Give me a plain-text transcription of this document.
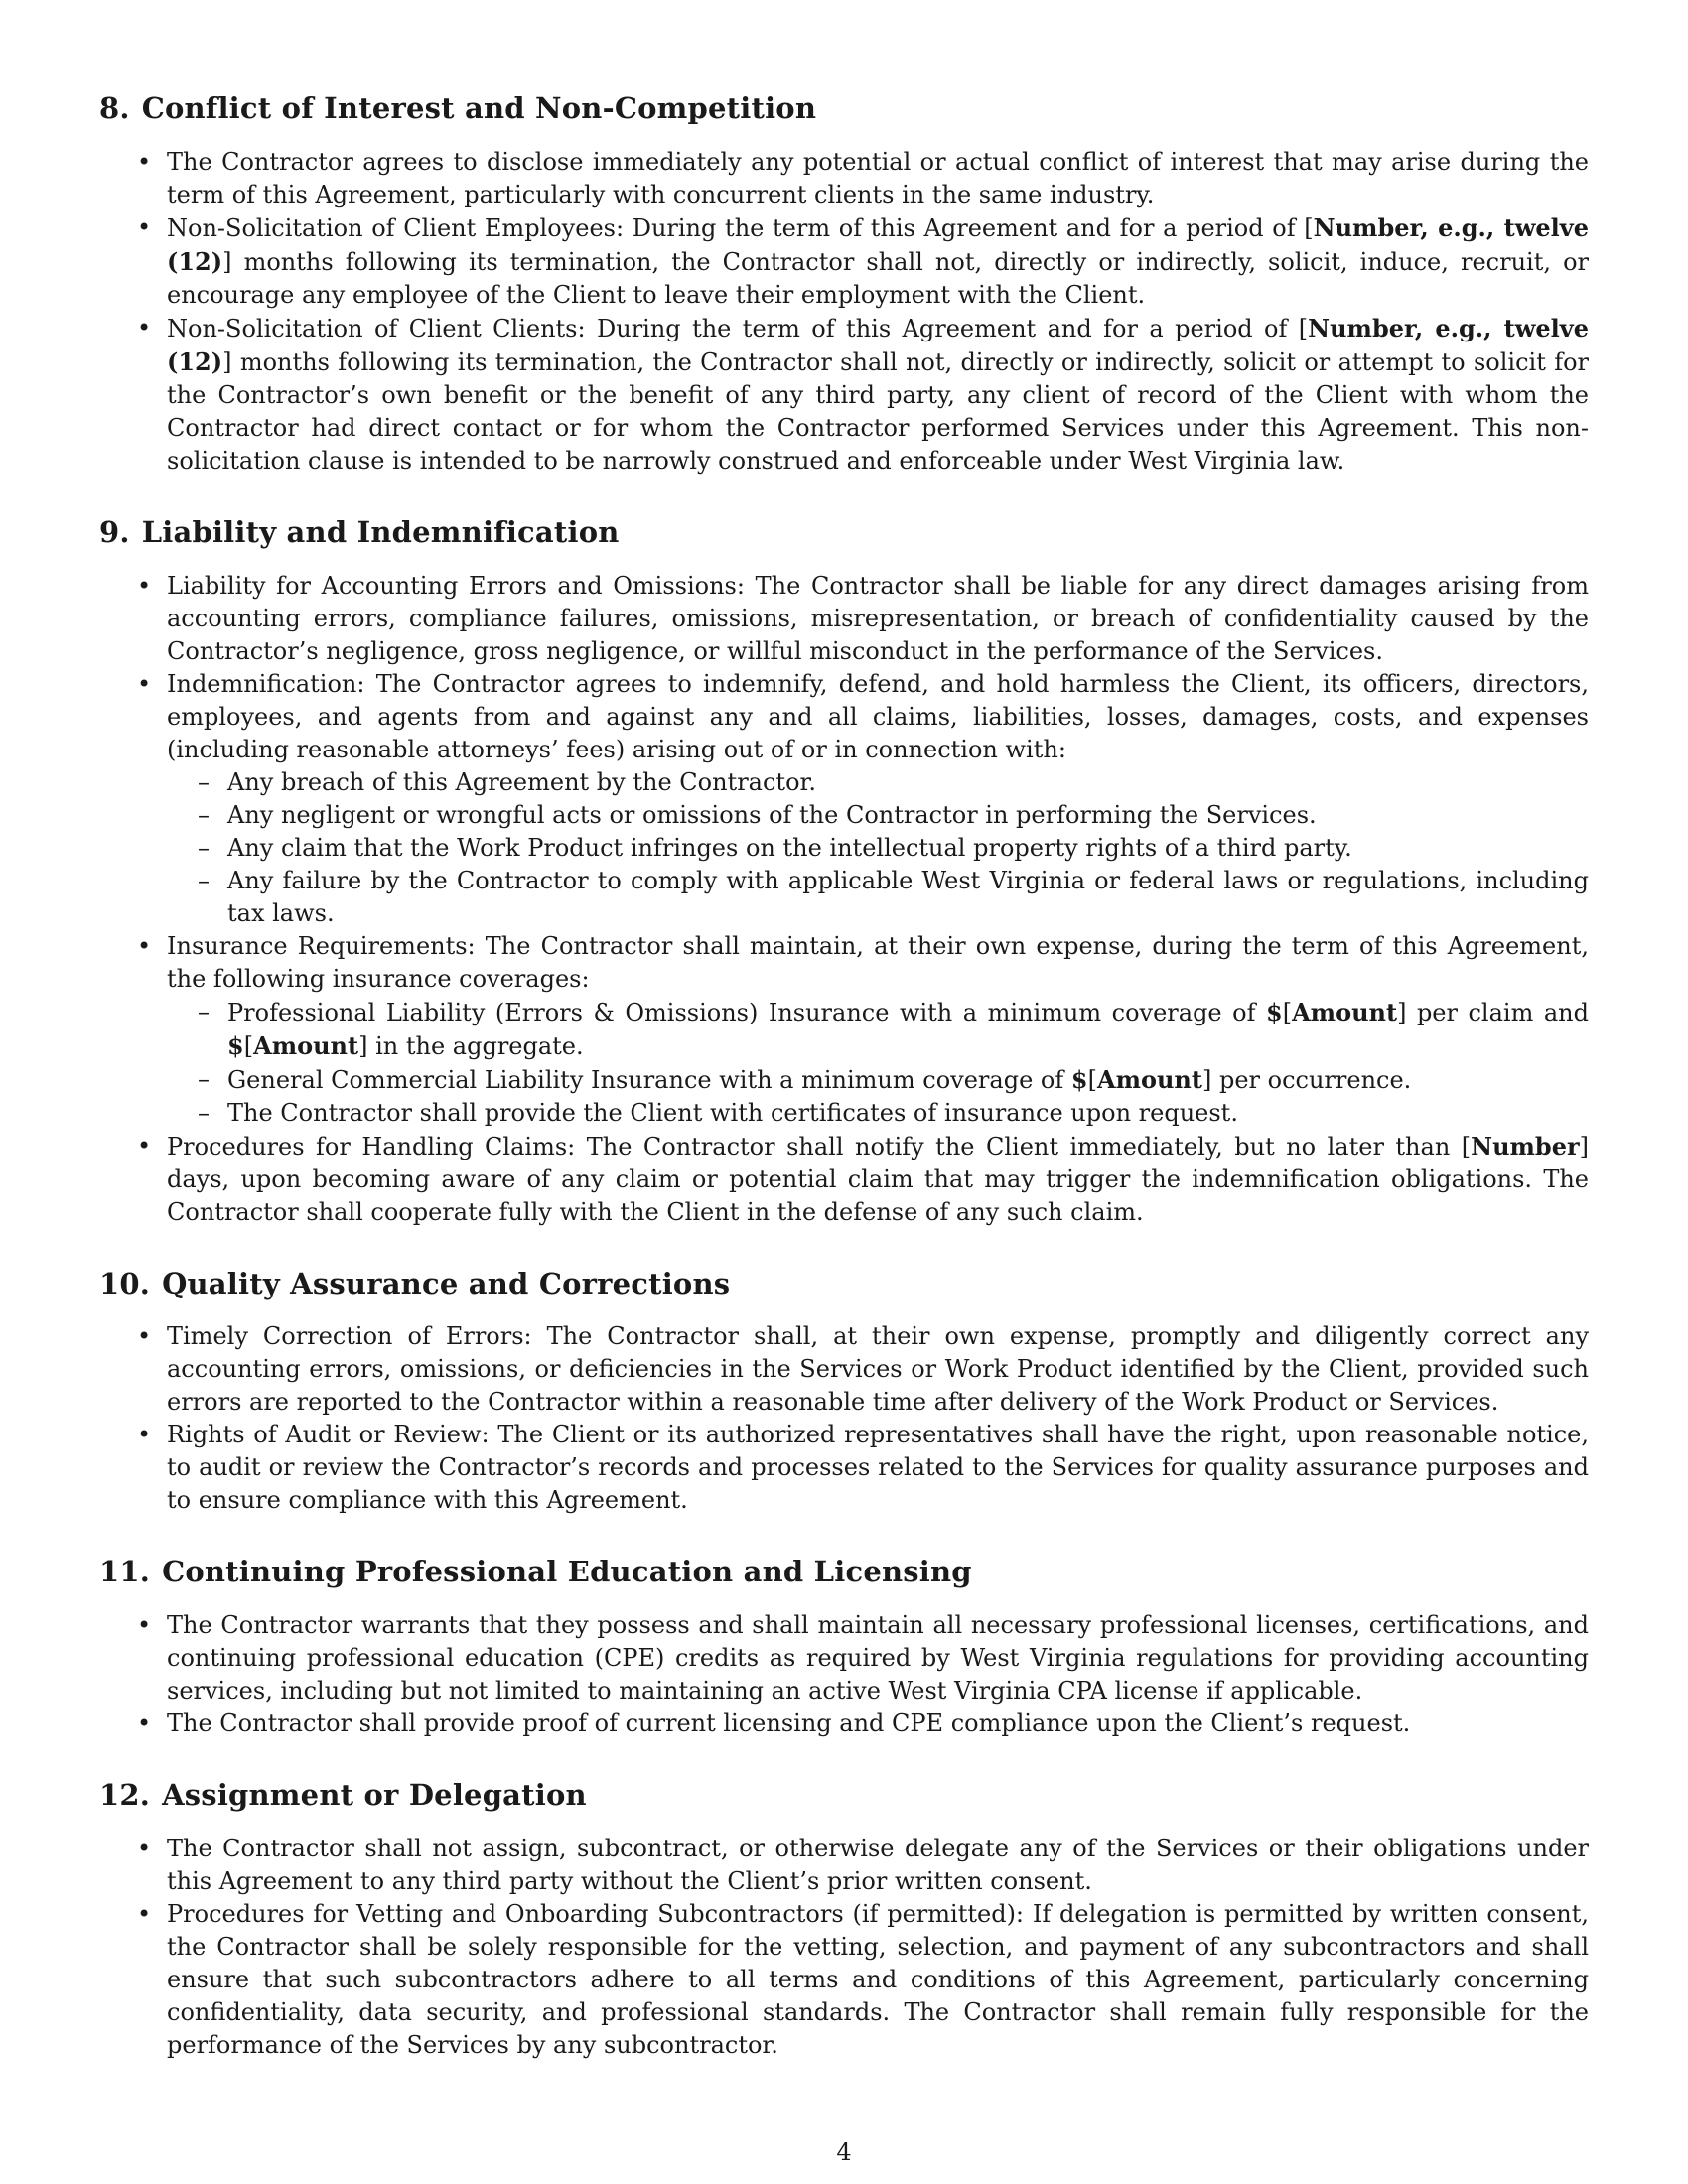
8. Conflict of Interest and Non-Competition
• The Contractor agrees to disclose immediately any potential or actual conflict of interest that may arise during the term of this Agreement, particularly with concurrent clients in the same industry.
• Non-Solicitation of Client Employees: During the term of this Agreement and for a period of [Number, e.g., twelve (12)] months following its termination, the Contractor shall not, directly or indirectly, solicit, induce, recruit, or encourage any employee of the Client to leave their employment with the Client.
• Non-Solicitation of Client Clients: During the term of this Agreement and for a period of [Number, e.g., twelve (12)] months following its termination, the Contractor shall not, directly or indirectly, solicit or attempt to solicit for the Contractor’s own benefit or the benefit of any third party, any client of record of the Client with whom the Contractor had direct contact or for whom the Contractor performed Services under this Agreement. This non-solicitation clause is intended to be narrowly construed and enforceable under West Virginia law.
9. Liability and Indemnification
• Liability for Accounting Errors and Omissions: The Contractor shall be liable for any direct damages arising from accounting errors, compliance failures, omissions, misrepresentation, or breach of confidentiality caused by the Contractor’s negligence, gross negligence, or willful misconduct in the performance of the Services.
• Indemnification: The Contractor agrees to indemnify, defend, and hold harmless the Client, its officers, directors, employees, and agents from and against any and all claims, liabilities, losses, damages, costs, and expenses (including reasonable attorneys’ fees) arising out of or in connection with:
– Any breach of this Agreement by the Contractor.
– Any negligent or wrongful acts or omissions of the Contractor in performing the Services.
– Any claim that the Work Product infringes on the intellectual property rights of a third party.
– Any failure by the Contractor to comply with applicable West Virginia or federal laws or regulations, including tax laws.
• Insurance Requirements: The Contractor shall maintain, at their own expense, during the term of this Agreement, the following insurance coverages:
– Professional Liability (Errors & Omissions) Insurance with a minimum coverage of $[Amount] per claim and $[Amount] in the aggregate.
– General Commercial Liability Insurance with a minimum coverage of $[Amount] per occurrence.
– The Contractor shall provide the Client with certificates of insurance upon request.
• Procedures for Handling Claims: The Contractor shall notify the Client immediately, but no later than [Number] days, upon becoming aware of any claim or potential claim that may trigger the indemnification obligations. The Contractor shall cooperate fully with the Client in the defense of any such claim.
10. Quality Assurance and Corrections
• Timely Correction of Errors: The Contractor shall, at their own expense, promptly and diligently correct any accounting errors, omissions, or deficiencies in the Services or Work Product identified by the Client, provided such errors are reported to the Contractor within a reasonable time after delivery of the Work Product or Services.
• Rights of Audit or Review: The Client or its authorized representatives shall have the right, upon reasonable notice, to audit or review the Contractor’s records and processes related to the Services for quality assurance purposes and to ensure compliance with this Agreement.
11. Continuing Professional Education and Licensing
• The Contractor warrants that they possess and shall maintain all necessary professional licenses, certifications, and continuing professional education (CPE) credits as required by West Virginia regulations for providing accounting services, including but not limited to maintaining an active West Virginia CPA license if applicable.
• The Contractor shall provide proof of current licensing and CPE compliance upon the Client’s request.
12. Assignment or Delegation
• The Contractor shall not assign, subcontract, or otherwise delegate any of the Services or their obligations under this Agreement to any third party without the Client’s prior written consent.
• Procedures for Vetting and Onboarding Subcontractors (if permitted): If delegation is permitted by written consent, the Contractor shall be solely responsible for the vetting, selection, and payment of any subcontractors and shall ensure that such subcontractors adhere to all terms and conditions of this Agreement, particularly concerning confidentiality, data security, and professional standards. The Contractor shall remain fully responsible for the performance of the Services by any subcontractor.
4
